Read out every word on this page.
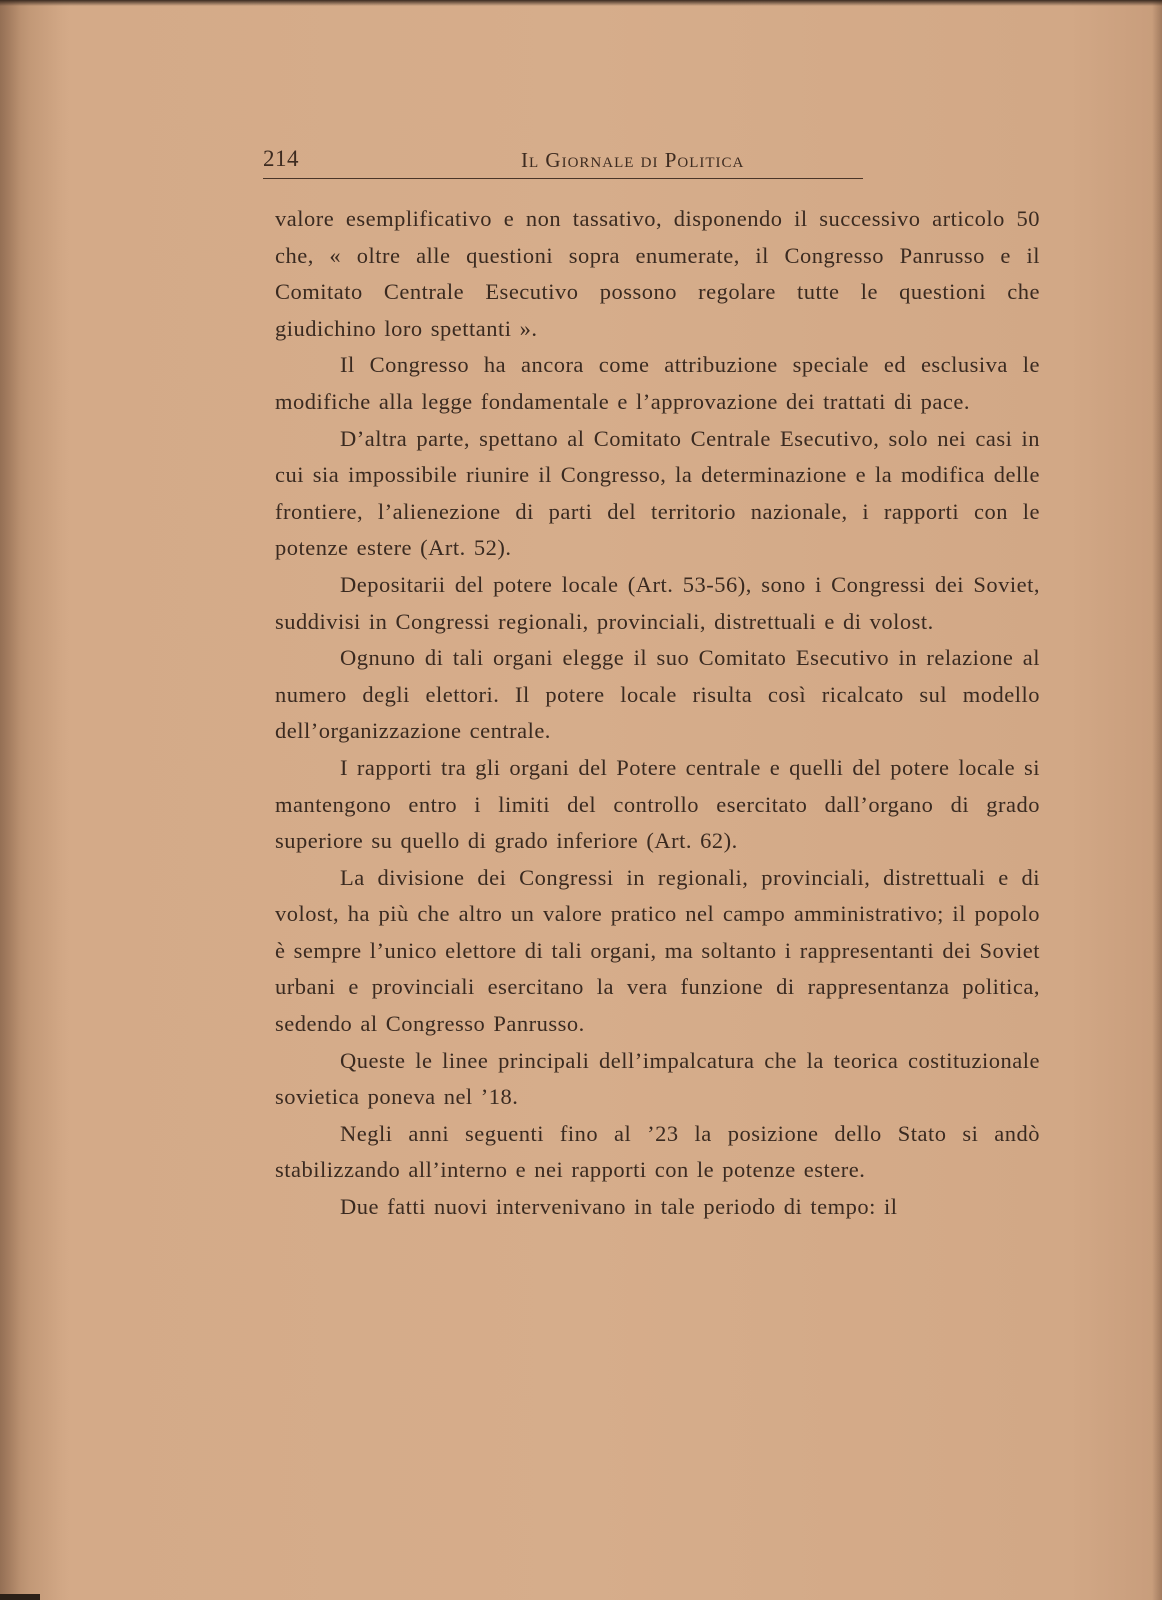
214	Il Giornale di Politica

valore esemplificativo e non tassativo, disponendo il successivo articolo 50 che, « oltre alle questioni sopra enumerate, il Congresso Panrusso e il Comitato Centrale Esecutivo possono regolare tutte le questioni che giudichino loro spettanti ».

Il Congresso ha ancora come attribuzione speciale ed esclusiva le modifiche alla legge fondamentale e l’approvazione dei trattati di pace.

D’altra parte, spettano al Comitato Centrale Esecutivo, solo nei casi in cui sia impossibile riunire il Congresso, la determinazione e la modifica delle frontiere, l’alienezione di parti del territorio nazionale, i rapporti con le potenze estere (Art. 52).

Depositarii del potere locale (Art. 53-56), sono i Congressi dei Soviet, suddivisi in Congressi regionali, provinciali, distrettuali e di volost.

Ognuno di tali organi elegge il suo Comitato Esecutivo in relazione al numero degli elettori. Il potere locale risulta così ricalcato sul modello dell’organizzazione centrale.

I rapporti tra gli organi del Potere centrale e quelli del potere locale si mantengono entro i limiti del controllo esercitato dall’organo di grado superiore su quello di grado inferiore (Art. 62).

La divisione dei Congressi in regionali, provinciali, distrettuali e di volost, ha più che altro un valore pratico nel campo amministrativo; il popolo è sempre l’unico elettore di tali organi, ma soltanto i rappresentanti dei Soviet urbani e provinciali esercitano la vera funzione di rappresentanza politica, sedendo al Congresso Panrusso.

Queste le linee principali dell’impalcatura che la teorica costituzionale sovietica poneva nel ’18.

Negli anni seguenti fino al ’23 la posizione dello Stato si andò stabilizzando all’interno e nei rapporti con le potenze estere.

Due fatti nuovi intervenivano in tale periodo di tempo: il
